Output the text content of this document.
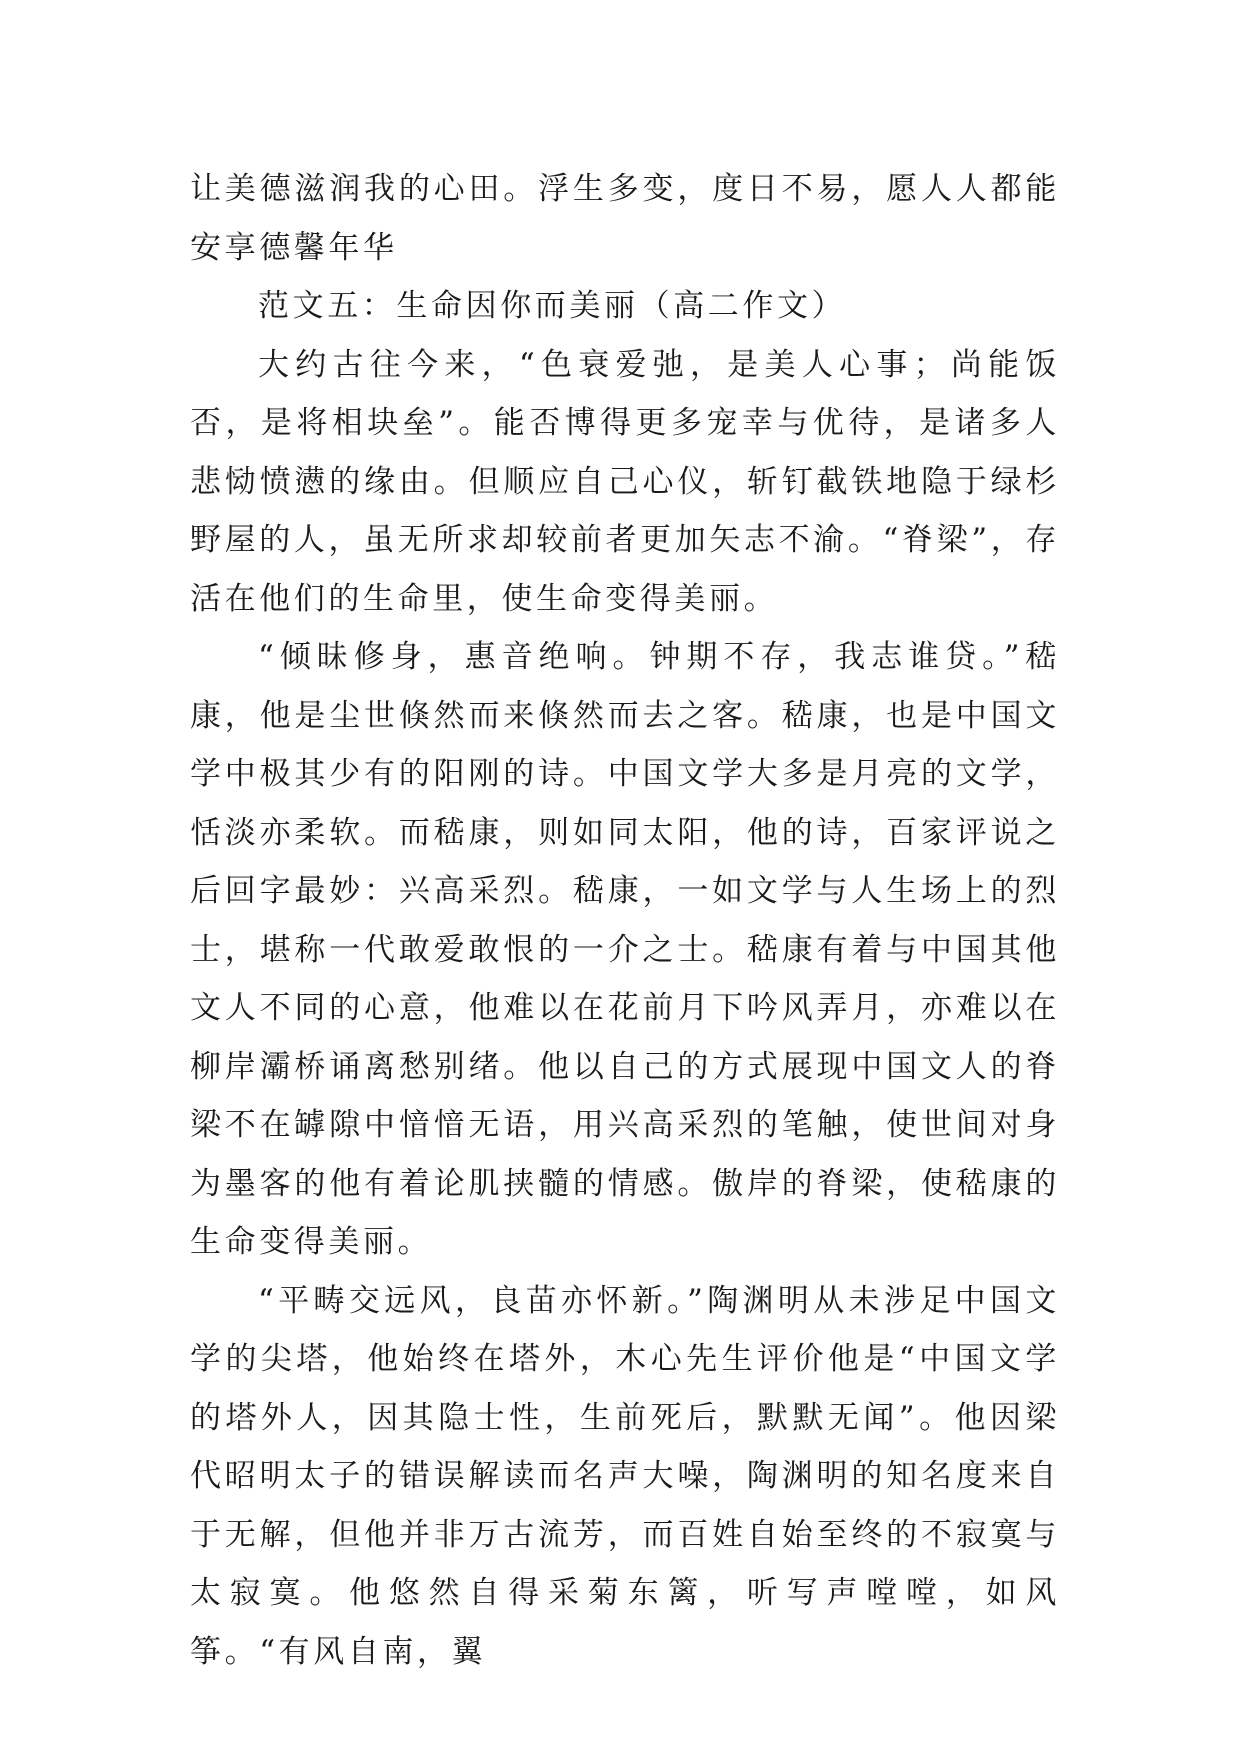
让美德滋润我的心田。浮生多变，度日不易，愿人人都能安享德馨年华

范文五：生命因你而美丽（高二作文）

大约古往今来，“色衰爱弛，是美人心事；尚能饭否，是将相块垒”。能否博得更多宠幸与优待，是诸多人悲恸愤懑的缘由。但顺应自己心仪，斩钉截铁地隐于绿杉野屋的人，虽无所求却较前者更加矢志不渝。“脊梁”，存活在他们的生命里，使生命变得美丽。

“倾昧修身，惠音绝响。钟期不存，我志谁贷。”嵇康，他是尘世倏然而来倏然而去之客。嵇康，也是中国文学中极其少有的阳刚的诗。中国文学大多是月亮的文学，恬淡亦柔软。而嵇康，则如同太阳，他的诗，百家评说之后回字最妙：兴高采烈。嵇康，一如文学与人生场上的烈士，堪称一代敢爱敢恨的一介之士。嵇康有着与中国其他文人不同的心意，他难以在花前月下吟风弄月，亦难以在柳岸灞桥诵离愁别绪。他以自己的方式展现中国文人的脊梁不在罅隙中愔愔无语，用兴高采烈的笔触，使世间对身为墨客的他有着论肌挟髓的情感。傲岸的脊梁，使嵇康的生命变得美丽。

“平畴交远风，良苗亦怀新。”陶渊明从未涉足中国文学的尖塔，他始终在塔外，木心先生评价他是“中国文学的塔外人，因其隐士性，生前死后，默默无闻”。他因梁代昭明太子的错误解读而名声大噪，陶渊明的知名度来自于无解，但他并非万古流芳，而百姓自始至终的不寂寞与太寂寞。他悠然自得采菊东篱，听写声嘡嘡，如风筝。“有风自南，翼
